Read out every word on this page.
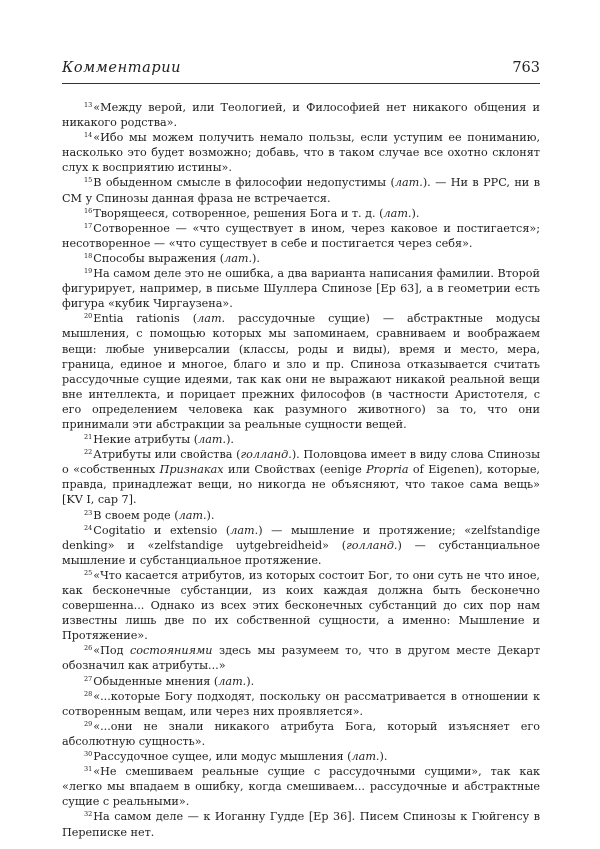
Комментарии	763

$^{13}$«Между верой, или Теологией, и Философией нет никакого общения и никакого родства».

$^{14}$«Ибо мы можем получить немало пользы, если уступим ее пониманию, насколько это будет возможно; добавь, что в таком случае все охотно склонят слух к восприятию истины».

$^{15}$В обыденном смысле в философии недопустимы (лат.). — Ни в PPC, ни в CM у Спинозы данная фраза не встречается.

$^{16}$Творящееся, сотворенное, решения Бога и т. д. (лат.).

$^{17}$Сотворенное — «что существует в ином, через каковое и постигается»; несотворенное — «что существует в себе и постигается через себя».

$^{18}$Способы выражения (лат.).

$^{19}$На самом деле это не ошибка, а два варианта написания фамилии. Второй фигурирует, например, в письме Шуллера Спинозе [Ep 63], а в геометрии есть фигура «кубик Чиргаузена».

$^{20}$Entia rationis (лат. рассудочные сущие) — абстрактные модусы мышления, с помощью которых мы запоминаем, сравниваем и воображаем вещи: любые универсалии (классы, роды и виды), время и место, мера, граница, единое и многое, благо и зло и пр. Спиноза отказывается считать рассудочные сущие идеями, так как они не выражают никакой реальной вещи вне интеллекта, и порицает прежних философов (в частности Аристотеля, с его определением человека как разумного животного) за то, что они принимали эти абстракции за реальные сущности вещей.

$^{21}$Некие атрибуты (лат.).

$^{22}$Атрибуты или свойства (голланд.). Половцова имеет в виду слова Спинозы о «собственных Признаках или Свойствах (eenige Propria of Eigenen), которые, правда, принадлежат вещи, но никогда не объясняют, что такое сама вещь» [KV I, cap 7].

$^{23}$В своем роде (лат.).

$^{24}$Cogitatio и extensio (лат.) — мышление и протяжение; «zelfstandige denking» и «zelfstandige uytgebreidheid» (голланд.) — субстанциальное мышление и субстанциальное протяжение.

$^{25}$«Что касается атрибутов, из которых состоит Бог, то они суть не что иное, как бесконечные субстанции, из коих каждая должна быть бесконечно совершенна... Однако из всех этих бесконечных субстанций до сих пор нам известны лишь две по их собственной сущности, а именно: Мышление и Протяжение».

$^{26}$«Под состояниями здесь мы разумеем то, что в другом месте Декарт обозначил как атрибуты...»

$^{27}$Обыденные мнения (лат.).

$^{28}$«...которые Богу подходят, поскольку он рассматривается в отношении к сотворенным вещам, или через них проявляется».

$^{29}$«...они не знали никакого атрибута Бога, который изъясняет его абсолютную сущность».

$^{30}$Рассудочное сущее, или модус мышления (лат.).

$^{31}$«Не смешиваем реальные сущие с рассудочными сущими», так как «легко мы впадаем в ошибку, когда смешиваем... рассудочные и абстрактные сущие с реальными».

$^{32}$На самом деле — к Иоганну Гудде [Ep 36]. Писем Спинозы к Гюйгенсу в Переписке нет.
